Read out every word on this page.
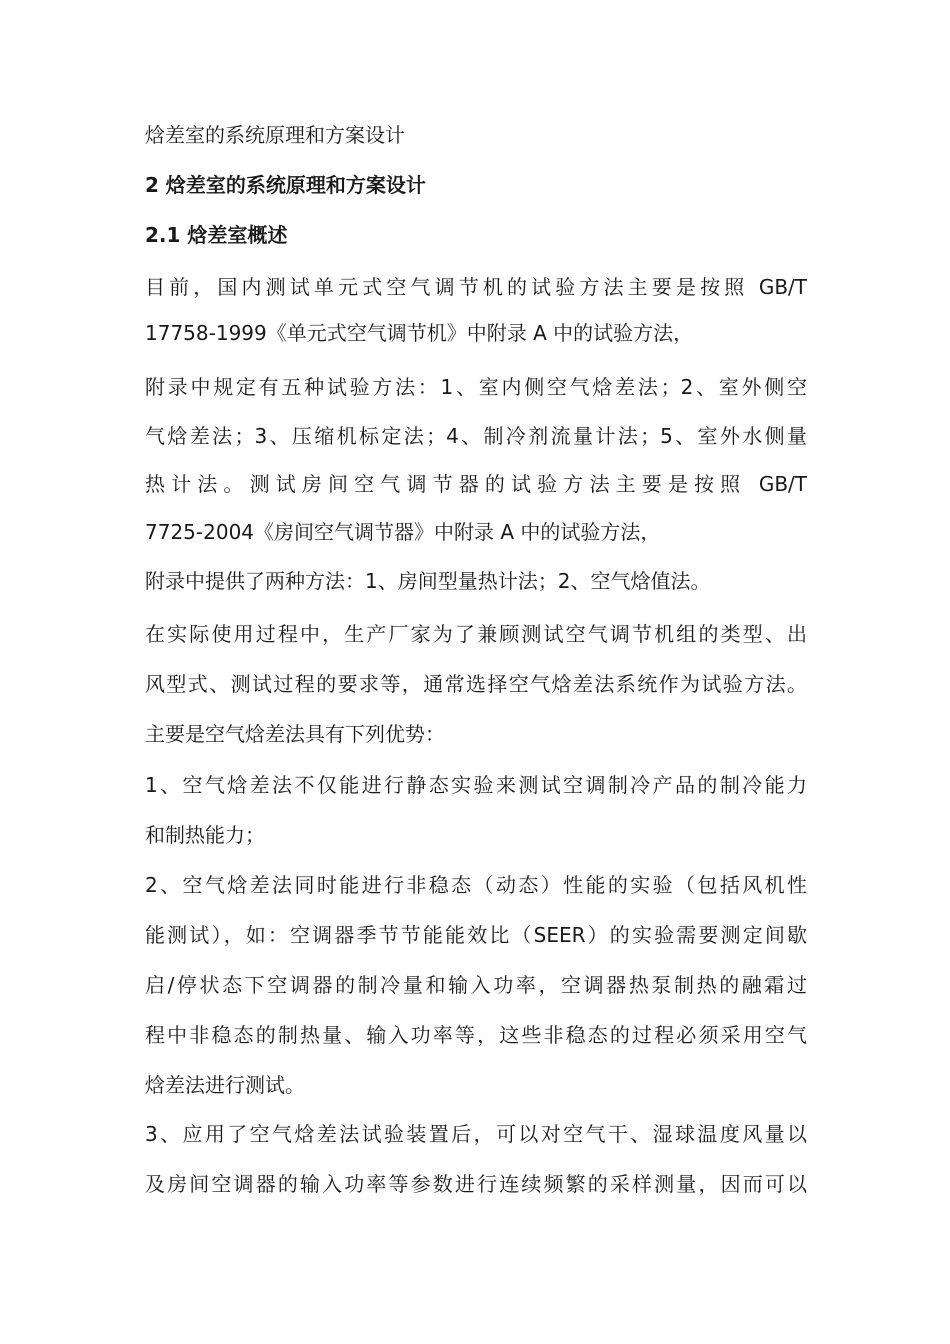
焓差室的系统原理和方案设计
2 焓差室的系统原理和方案设计
2.1 焓差室概述
目前，国内测试单元式空气调节机的试验方法主要是按照 GB/T
17758-1999《单元式空气调节机》中附录 A 中的试验方法，
附录中规定有五种试验方法：1、室内侧空气焓差法；2、室外侧空
气焓差法；3、压缩机标定法；4、制冷剂流量计法；5、室外水侧量
热计法。测试房间空气调节器的试验方法主要是按照 GB/T
7725-2004《房间空气调节器》中附录 A 中的试验方法，
附录中提供了两种方法：1、房间型量热计法；2、空气焓值法。
在实际使用过程中，生产厂家为了兼顾测试空气调节机组的类型、出
风型式、测试过程的要求等，通常选择空气焓差法系统作为试验方法。
主要是空气焓差法具有下列优势：
1、空气焓差法不仅能进行静态实验来测试空调制冷产品的制冷能力
和制热能力；
2、空气焓差法同时能进行非稳态（动态）性能的实验（包括风机性
能测试），如：空调器季节节能能效比（SEER）的实验需要测定间歇
启/停状态下空调器的制冷量和输入功率，空调器热泵制热的融霜过
程中非稳态的制热量、输入功率等，这些非稳态的过程必须采用空气
焓差法进行测试。
3、应用了空气焓差法试验装置后，可以对空气干、湿球温度风量以
及房间空调器的输入功率等参数进行连续频繁的采样测量，因而可以
